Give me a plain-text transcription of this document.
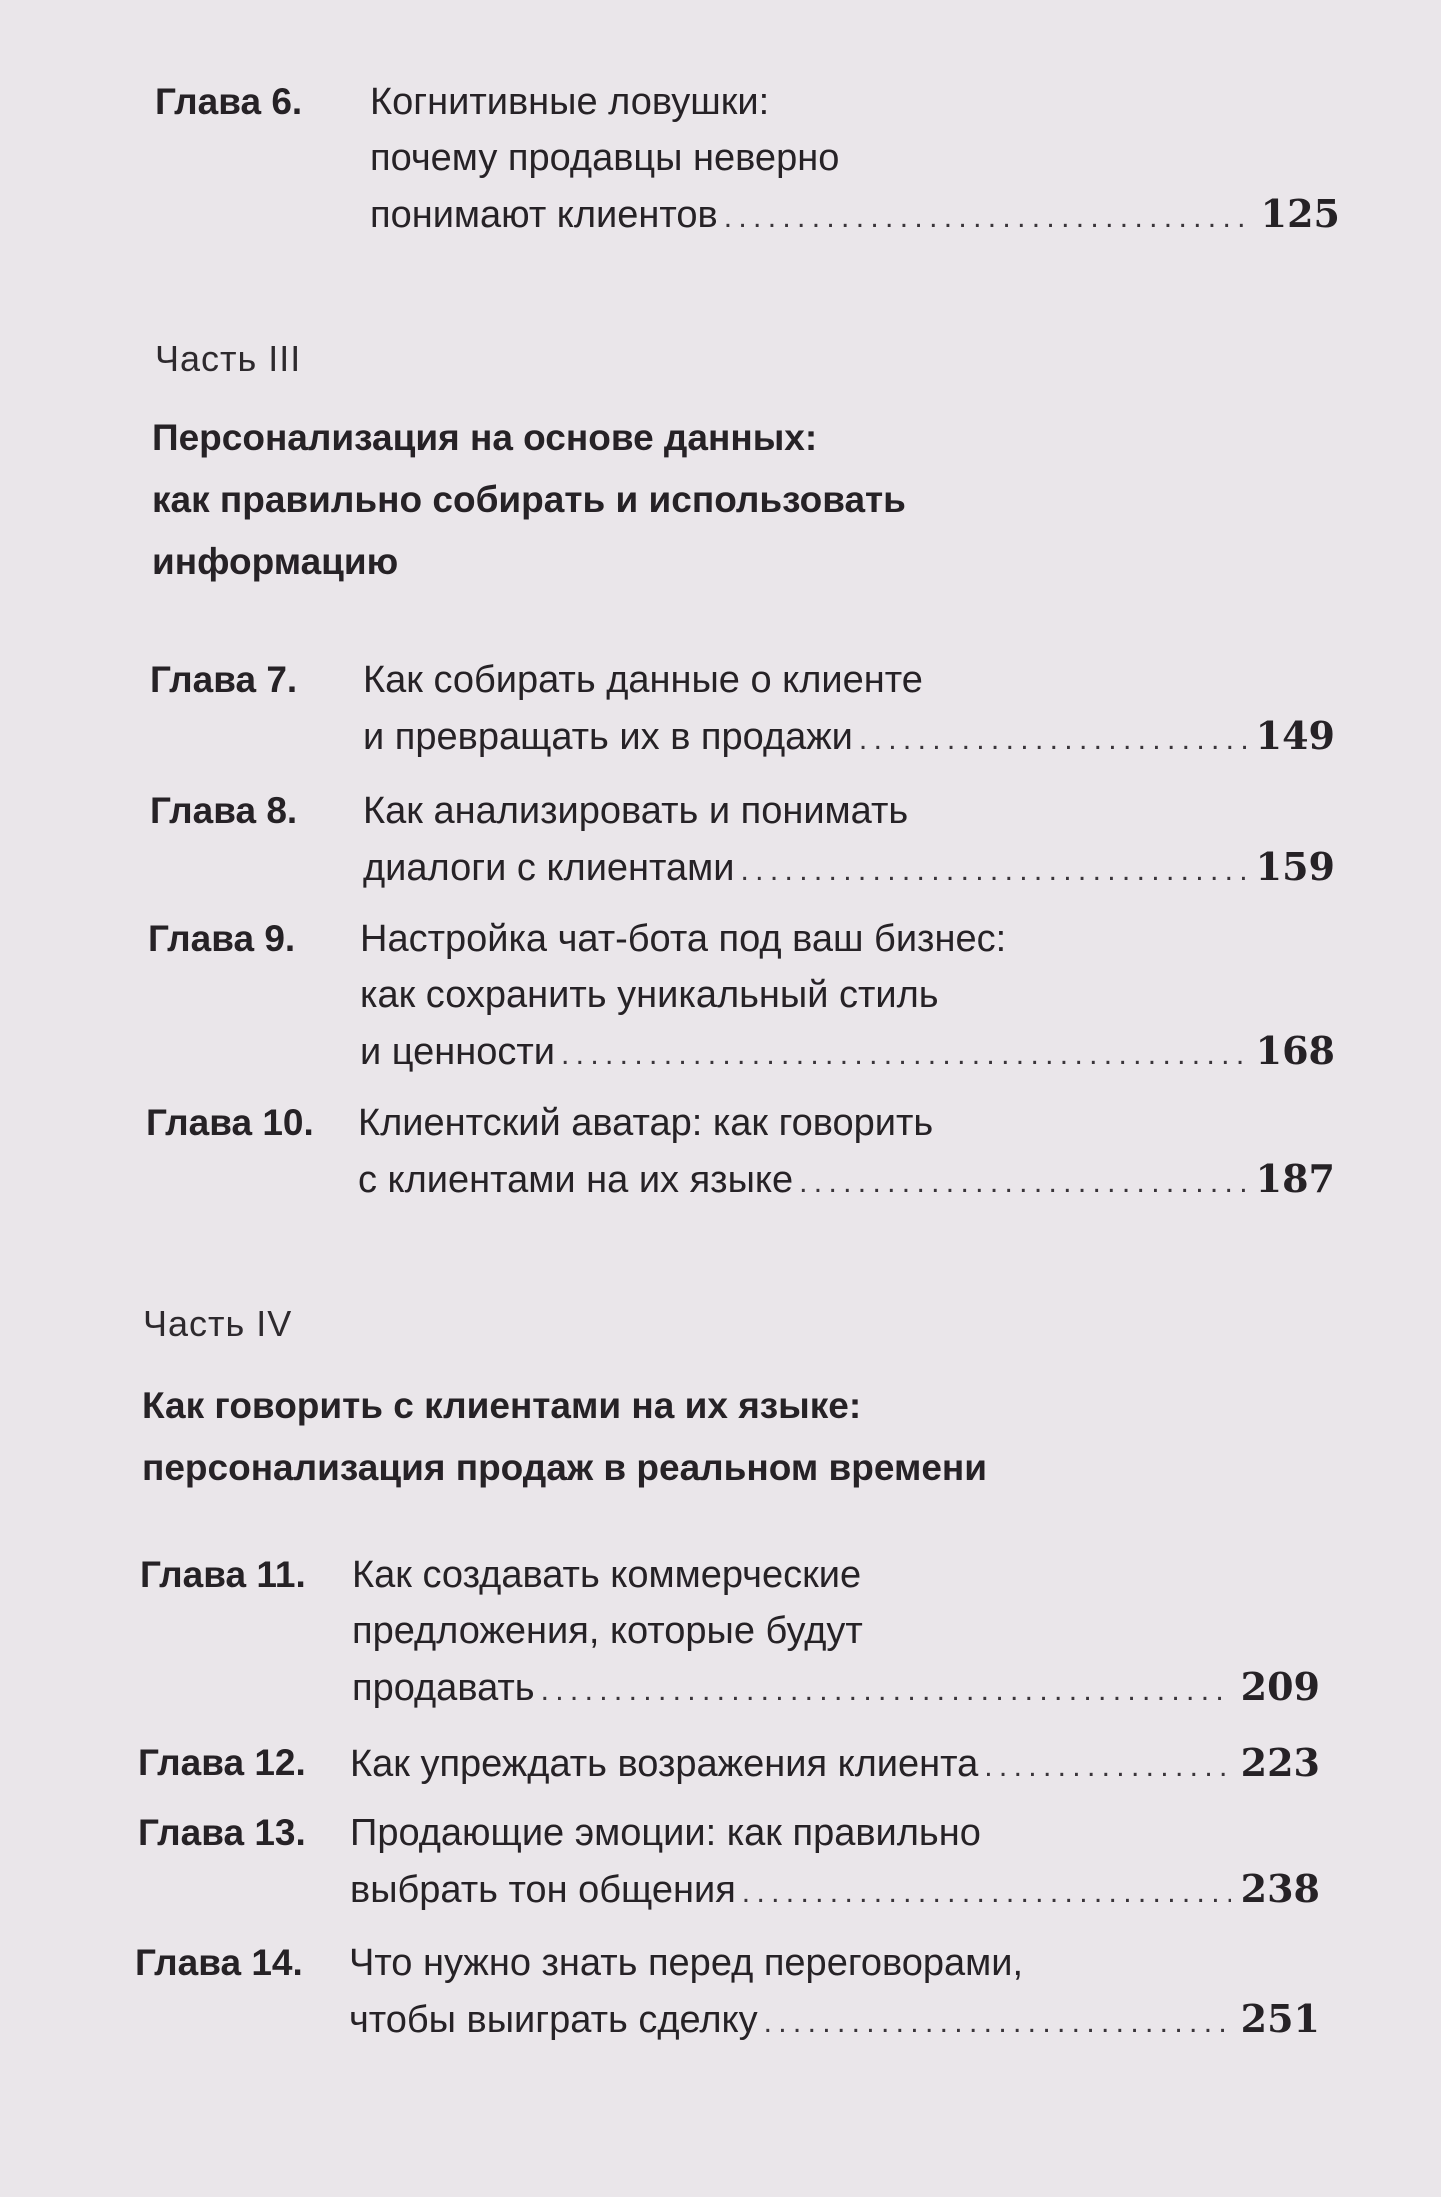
Глава 6. Когнитивные ловушки:
почему продавцы неверно
понимают клиентов . . .	125
Часть III
Персонализация на основе данных:
как правильно собирать и использовать
информацию
Глава 7. Как собирать данные о клиенте
и превращать их в продажи . . .	149
Глава 8. Как анализировать и понимать
диалоги с клиентами . . .	159
Глава 9. Настройка чат-бота под ваш бизнес:
как сохранить уникальный стиль
и ценности . . .	168
Глава 10. Клиентский аватар: как говорить
с клиентами на их языке . . .	187
Часть IV
Как говорить с клиентами на их языке:
персонализация продаж в реальном времени
Глава 11. Как создавать коммерческие
предложения, которые будут
продавать . . .	209
Глава 12. Как упреждать возражения клиента . . .	223
Глава 13. Продающие эмоции: как правильно
выбрать тон общения . . .	238
Глава 14. Что нужно знать перед переговорами,
чтобы выиграть сделку . . .	251
